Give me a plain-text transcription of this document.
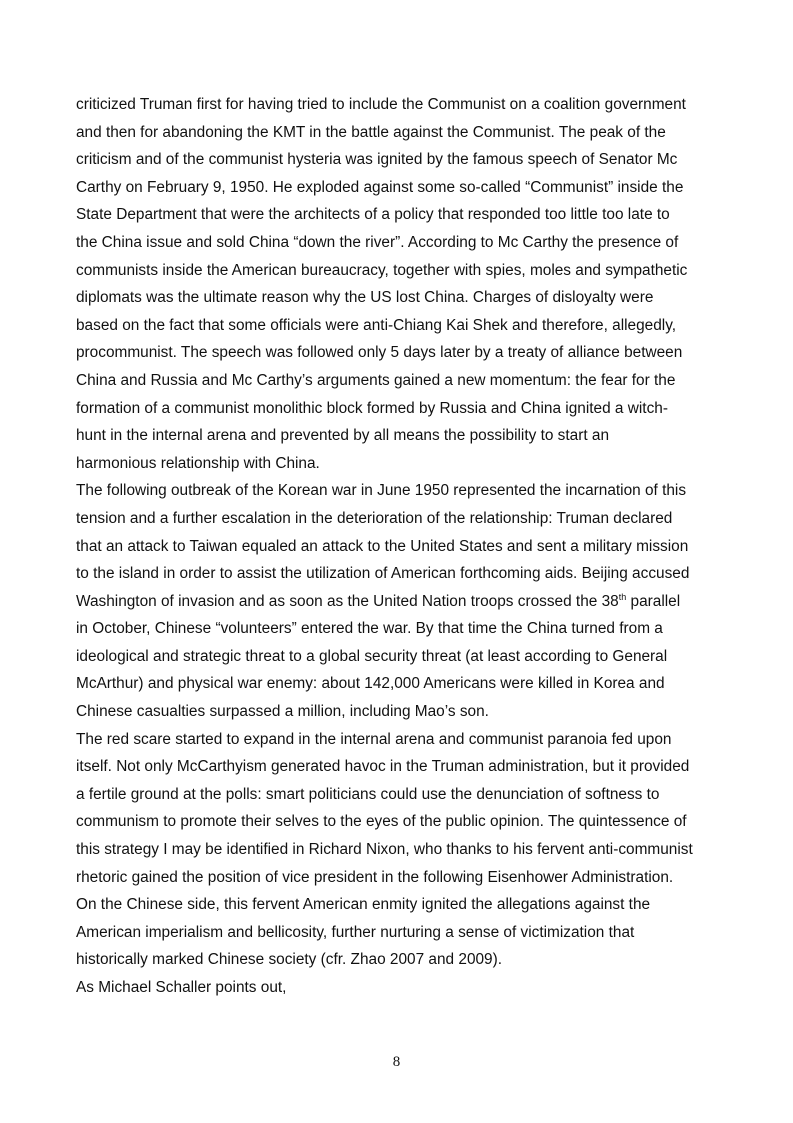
criticized Truman first for having tried to include the Communist on a coalition government
and then for abandoning the KMT in the battle against the Communist. The peak of the
criticism and of the communist hysteria was ignited by the famous speech of Senator Mc
Carthy on February 9, 1950. He exploded against some so-called “Communist” inside the
State Department that were the architects of a policy that responded too little too late to
the China issue and sold China “down the river”. According to Mc Carthy the presence of
communists inside the American bureaucracy, together with spies, moles and sympathetic
diplomats was the ultimate reason why the US lost China. Charges of disloyalty were
based on the fact that some officials were anti-Chiang Kai Shek and therefore, allegedly,
procommunist. The speech was followed only 5 days later by a treaty of alliance between
China and Russia and Mc Carthy’s arguments gained a new momentum: the fear for the
formation of a communist monolithic block formed by Russia and China ignited a witch-
hunt in the internal arena and prevented by all means the possibility to start an
harmonious relationship with China.

The following outbreak of the Korean war in June 1950 represented the incarnation of this
tension and a further escalation in the deterioration of the relationship: Truman declared
that an attack to Taiwan equaled an attack to the United States and sent a military mission
to the island in order to assist the utilization of American forthcoming aids. Beijing accused
Washington of invasion and as soon as the United Nation troops crossed the 38th parallel
in October, Chinese “volunteers” entered the war. By that time the China turned from a
ideological and strategic threat to a global security threat (at least according to General
McArthur) and physical war enemy: about 142,000 Americans were killed in Korea and
Chinese casualties surpassed a million, including Mao’s son.

The red scare started to expand in the internal arena and communist paranoia fed upon
itself. Not only McCarthyism generated havoc in the Truman administration, but it provided
a fertile ground at the polls: smart politicians could use the denunciation of softness to
communism to promote their selves to the eyes of the public opinion. The quintessence of
this strategy I may be identified in Richard Nixon, who thanks to his fervent anti-communist
rhetoric gained the position of vice president in the following Eisenhower Administration.

On the Chinese side, this fervent American enmity ignited the allegations against the
American imperialism and bellicosity, further nurturing a sense of victimization that
historically marked Chinese society (cfr. Zhao 2007 and 2009).

As Michael Schaller points out,

8
